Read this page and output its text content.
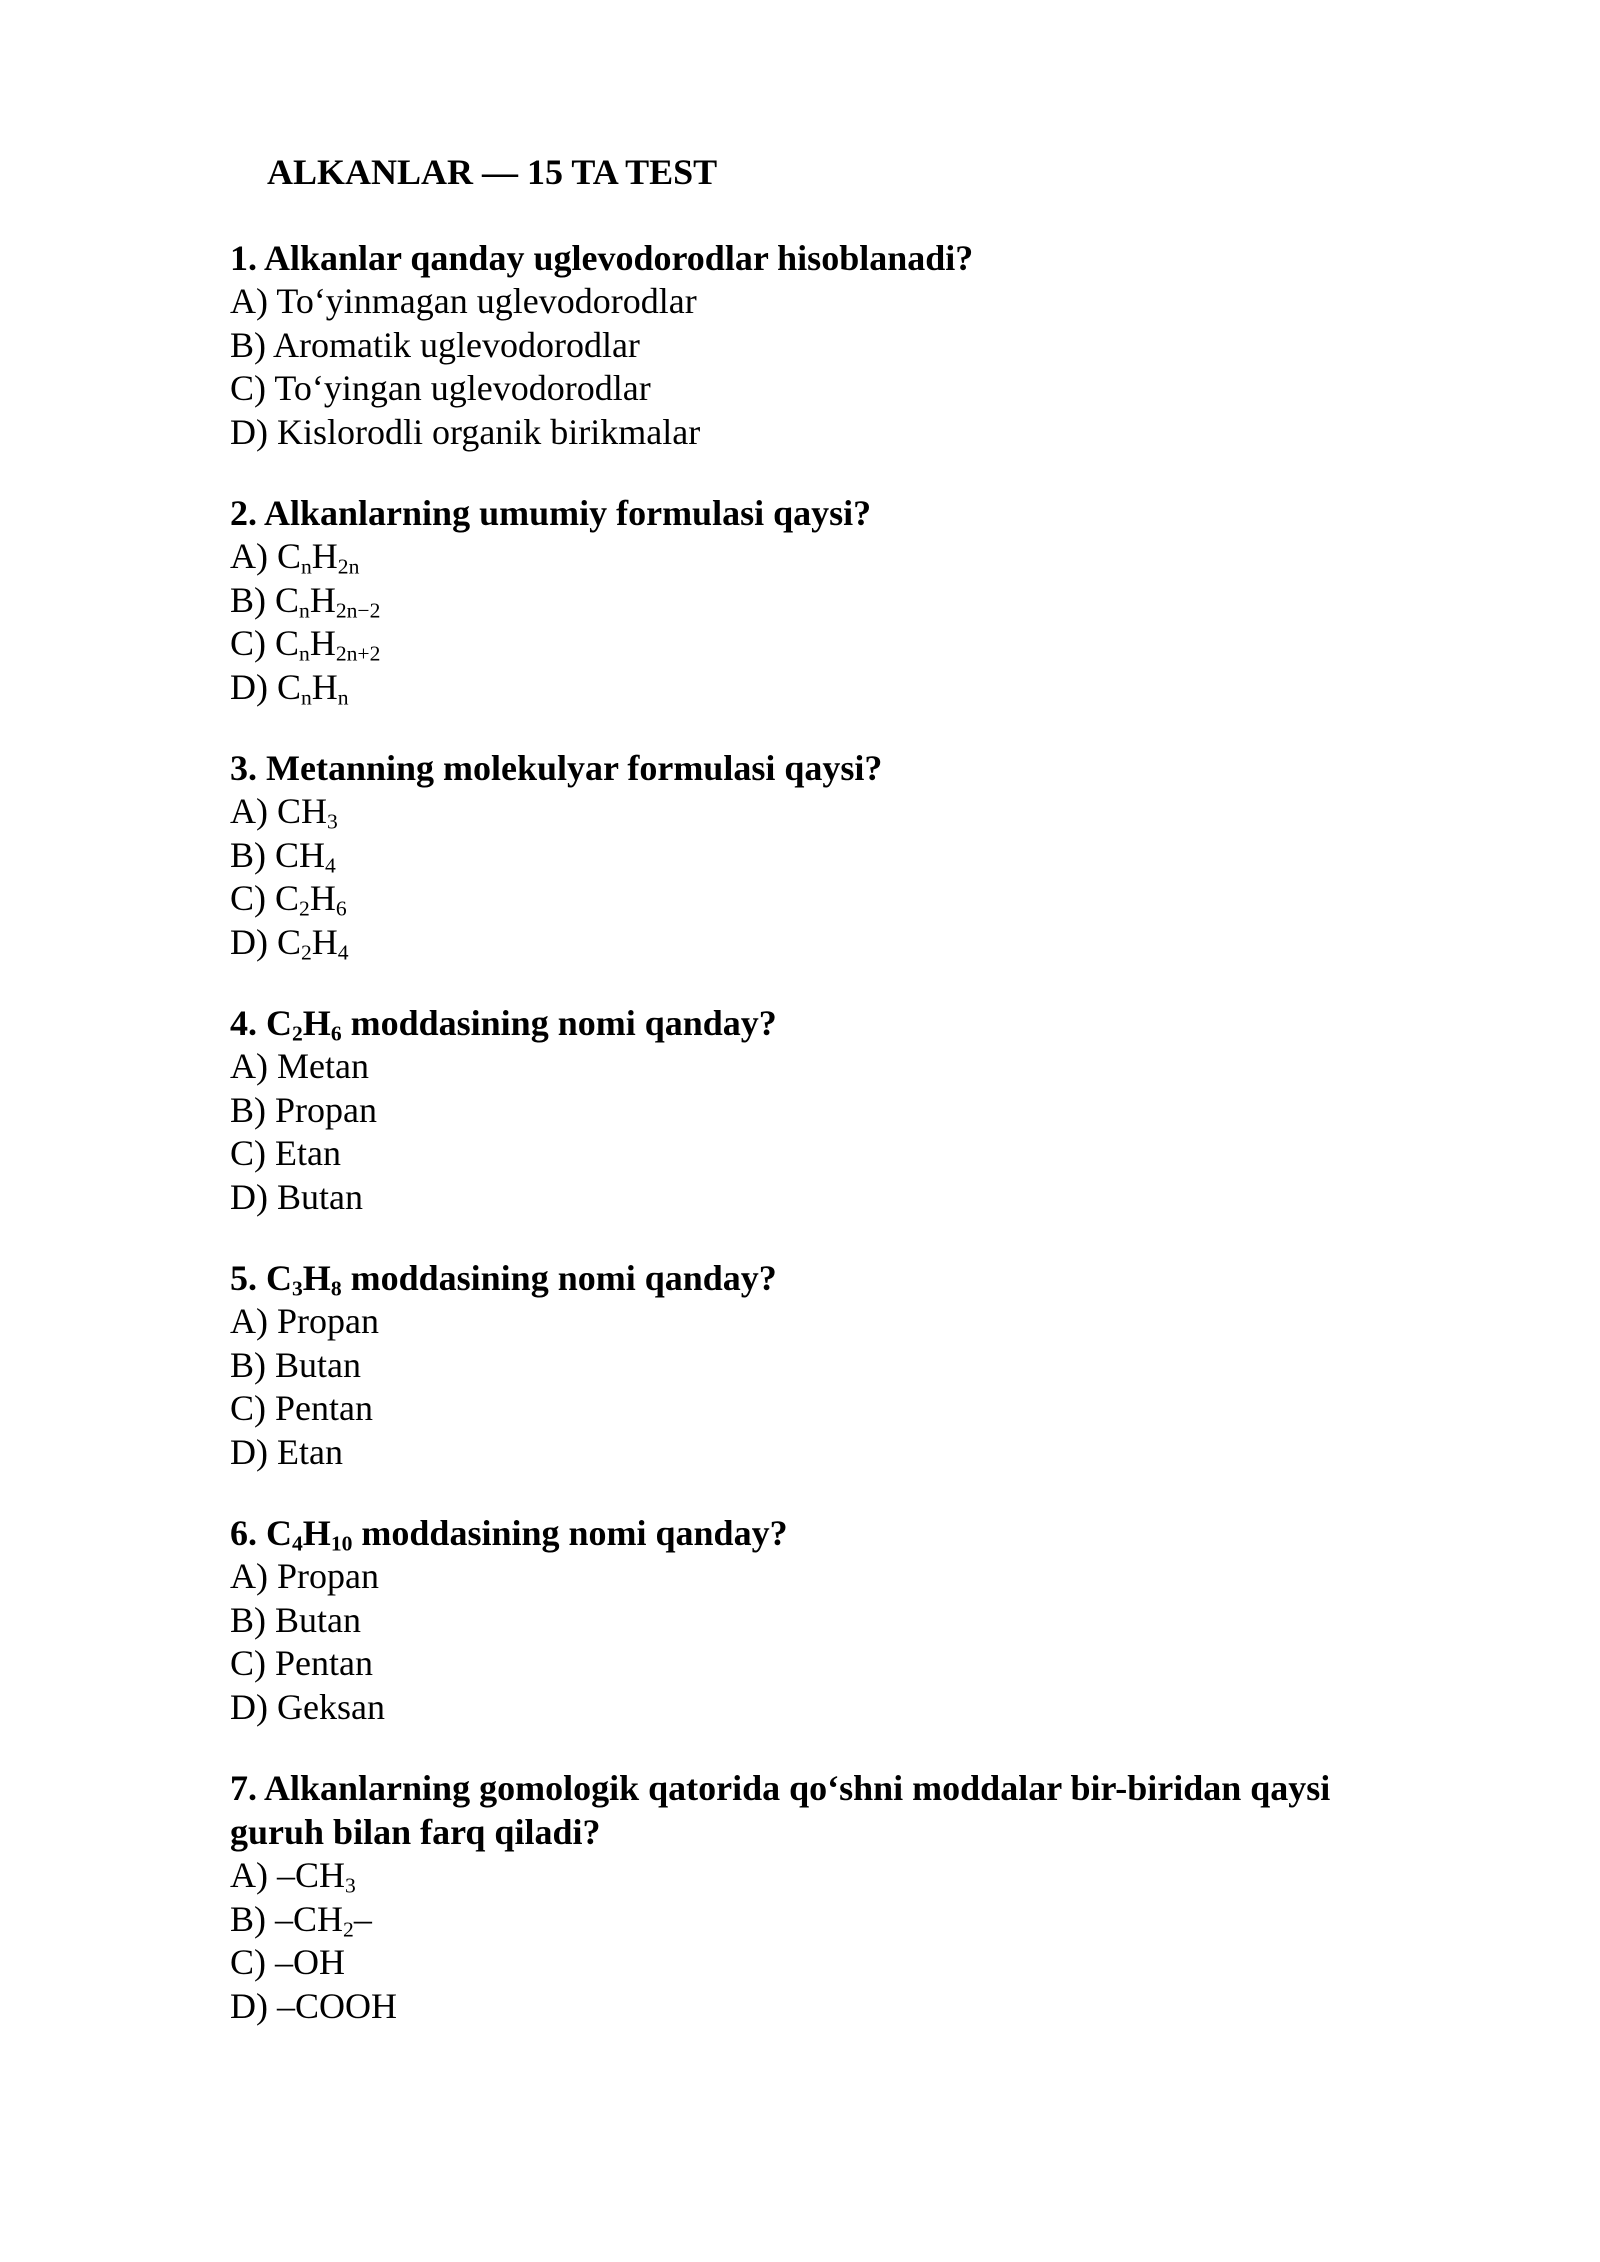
ALKANLAR — 15 TA TEST
1. Alkanlar qanday uglevodorodlar hisoblanadi?
A) To‘yinmagan uglevodorodlar
B) Aromatik uglevodorodlar
C) To‘yingan uglevodorodlar
D) Kislorodli organik birikmalar
2. Alkanlarning umumiy formulasi qaysi?
A) $C_nH_{2n}$
B) $C_nH_{2n-2}$
C) $C_nH_{2n+2}$
D) $C_nH_n$
3. Metanning molekulyar formulasi qaysi?
A) $CH_3$
B) $CH_4$
C) $C_2H_6$
D) $C_2H_4$
4. $C_2H_6$ moddasining nomi qanday?
A) Metan
B) Propan
C) Etan
D) Butan
5. $C_3H_8$ moddasining nomi qanday?
A) Propan
B) Butan
C) Pentan
D) Etan
6. $C_4H_{10}$ moddasining nomi qanday?
A) Propan
B) Butan
C) Pentan
D) Geksan
7. Alkanlarning gomologik qatorida qo‘shni moddalar bir-biridan qaysi guruh bilan farq qiladi?
A) $-CH_3$
B) $-CH_2-$
C) –OH
D) –COOH
